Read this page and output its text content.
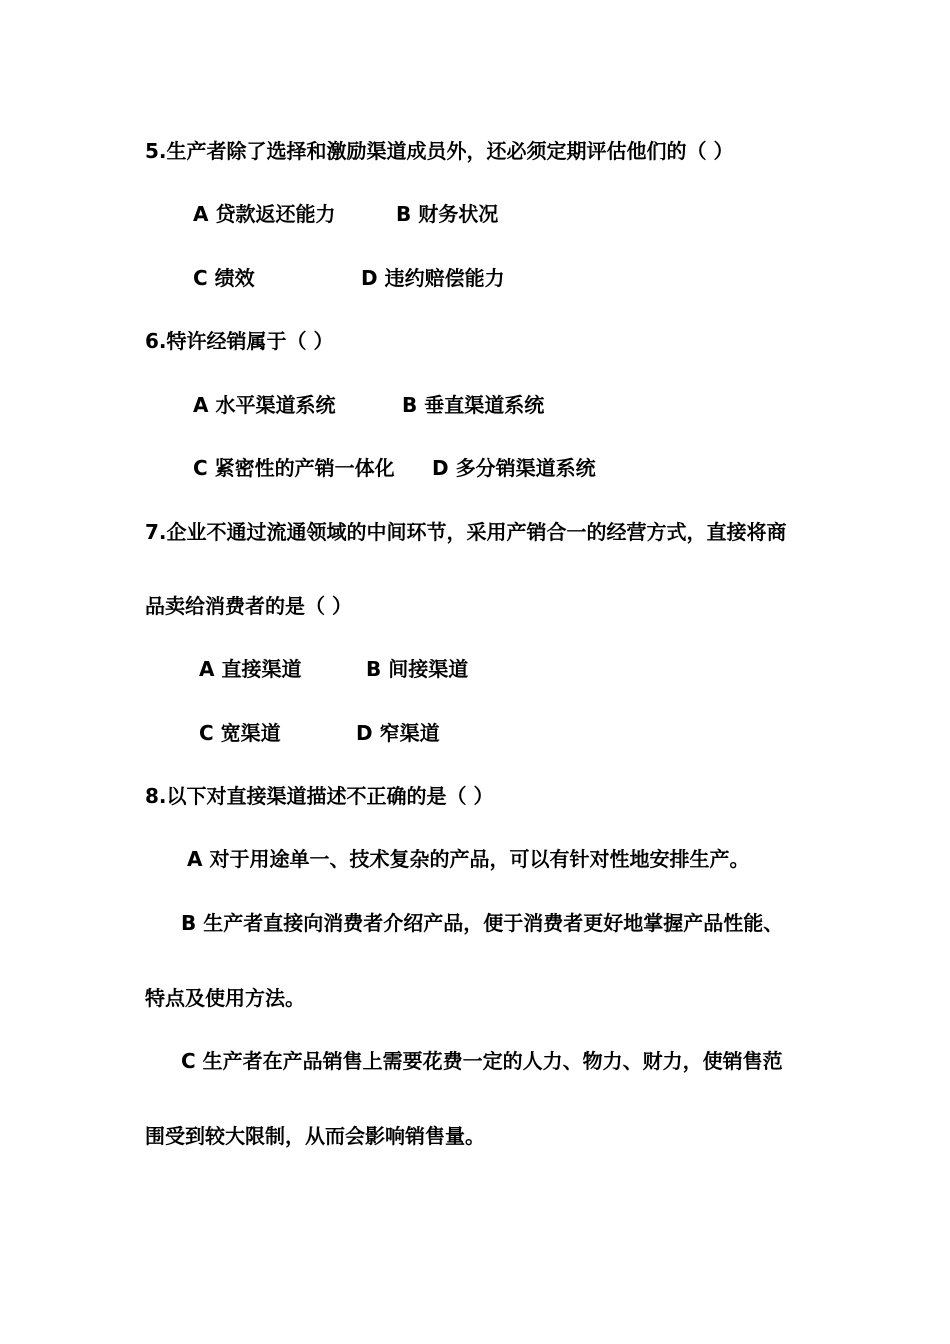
5.生产者除了选择和激励渠道成员外，还必须定期评估他们的（ ）
A 贷款返还能力	B 财务状况
C 绩效	D 违约赔偿能力
6.特许经销属于（ ）
A 水平渠道系统	B 垂直渠道系统
C 紧密性的产销一体化 D 多分销渠道系统
7.企业不通过流通领域的中间环节，采用产销合一的经营方式，直接将商
品卖给消费者的是（ ）
A 直接渠道	B 间接渠道
C 宽渠道	D 窄渠道
8.以下对直接渠道描述不正确的是（ ）
A 对于用途单一、技术复杂的产品，可以有针对性地安排生产。
B 生产者直接向消费者介绍产品，便于消费者更好地掌握产品性能、
特点及使用方法。
C 生产者在产品销售上需要花费一定的人力、物力、财力，使销售范
围受到较大限制，从而会影响销售量。
